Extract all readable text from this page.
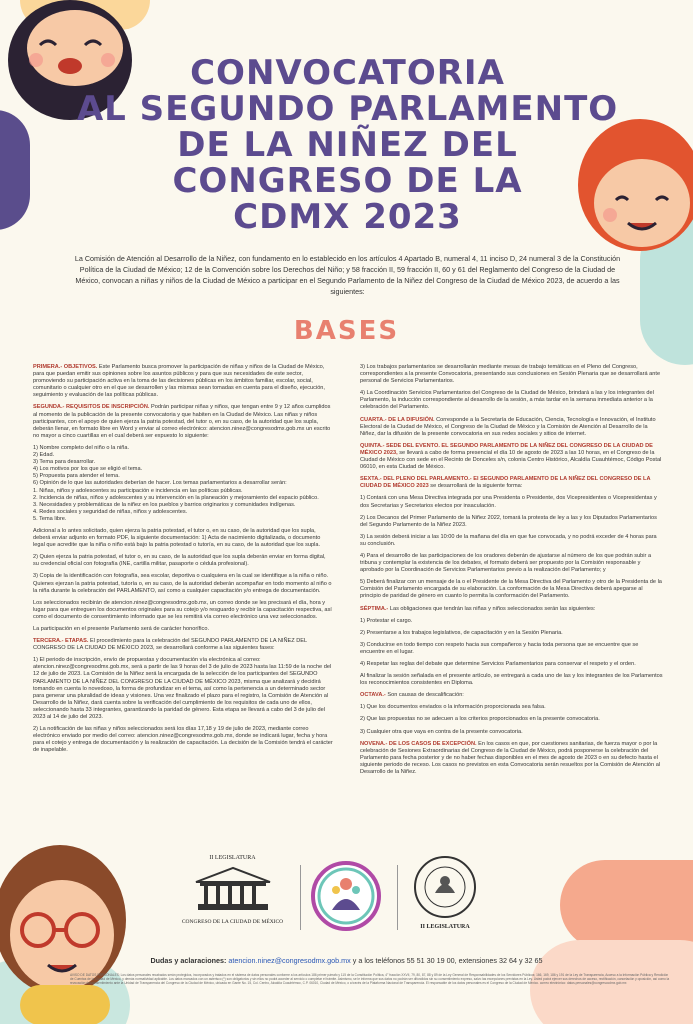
CONVOCATORIA
AL SEGUNDO PARLAMENTO
DE LA NIÑEZ DEL
CONGRESO DE LA
CDMX 2023
La Comisión de Atención al Desarrollo de la Niñez, con fundamento en lo establecido en los artículos 4 Apartado B, numeral 4, 11 inciso D, 24 numeral 3 de la Constitución Política de la Ciudad de México; 12 de la Convención sobre los Derechos del Niño; y 58 fracción II, 59 fracción II, 60 y 61 del Reglamento del Congreso de la Ciudad de México, convocan a niñas y niños de la Ciudad de México a participar en el Segundo Parlamento de la Niñez del Congreso de la Ciudad de México 2023, de acuerdo a las siguientes:
BASES

PRIMERA.- OBJETIVOS. Este Parlamento busca promover la participación de niñas y niños de la Ciudad de México, para que puedan emitir sus opiniones sobre los asuntos públicos y para que sus necesidades de este sector, promoviendo su participación activa en la toma de las decisiones públicas en los ámbitos familiar, escolar, social, comunitario o cualquier otro en el que se desarrollen y las mismas sean tomadas en cuenta para el diseño, ejecución, seguimiento y evaluación de las políticas públicas.

SEGUNDA.- REQUISITOS DE INSCRIPCIÓN. Podrán participar niñas y niños, que tengan entre 9 y 12 años cumplidos al momento de la publicación de la presente convocatoria y que habiten en la Ciudad de México. Las niñas y niños participantes, con el apoyo de quien ejerza la patria potestad, del tutor o, en su caso, de la autoridad que los supla, deberán llenar, en formato libre en Word y enviar al correo electrónico: atencion.ninez@congresodmx.gob.mx un escrito no mayor a cinco cuartillas en el cual deberá ser expuesto lo siguiente:

1) Nombre completo del niño o la niña.
2) Edad.
3) Tema para desarrollar.
4) Los motivos por los que se eligió el tema.
5) Propuesta para atender el tema.
6) Opinión de lo que las autoridades deberían de hacer. Los temas parlamentarios a desarrollar serán:
1. Niñas, niños y adolescentes su participación e incidencia en las políticas públicas.
2. Incidencia de niñas, niños y adolescentes y su intervención en la planeación y mejoramiento del espacio público.
3. Necesidades y problemáticas de la niñez en los pueblos y barrios originarios y comunidades indígenas.
4. Redes sociales y seguridad de niñas, niños y adolescentes.
5. Tema libre.

Adicional a lo antes solicitado, quien ejerza la patria potestad, el tutor o, en su caso, de la autoridad que los supla, deberá enviar adjunto en formato PDF, la siguiente documentación: 1) Acta de nacimiento digitalizada, o documento legal que acredite que la niña o niño está bajo la patria potestad o tutoría, en su caso, de la autoridad que los supla.

2) Quien ejerza la patria potestad, el tutor o, en su caso, de la autoridad que los supla deberán enviar en forma digital, su credencial oficial con fotografía (INE, cartilla militar, pasaporte o cédula profesional).

3) Copia de la identificación con fotografía, sea escolar, deportiva o cualquiera en la cual se identifique a la niña o niño. Quienes ejerzan la patria potestad, tutoría o, en su caso, de la autoridad deberán acompañar en todo momento al niño o la niña durante la celebración del PARLAMENTO, así como a cualquier capacitación y/o entrega de documentación.

Los seleccionados recibirán de atencion.ninez@congresodmx.gob.mx, un correo donde se les precisará el día, hora y lugar para que entreguen los documentos originales para su cotejo y/o resguardo y recibir la capacitación respectiva, así como el documento de consentimiento informado que se les remitirá vía correo electrónico una vez seleccionados.

La participación en el presente Parlamento será de carácter honorífico.

TERCERA.- ETAPAS. El procedimiento para la celebración del SEGUNDO PARLAMENTO DE LA NIÑEZ DEL CONGRESO DE LA CIUDAD DE MÉXICO 2023, se desarrollará conforme a las siguientes fases:

1) El periodo de inscripción, envío de propuestas y documentación vía electrónica al correo: atencion.ninez@congresodmx.gob.mx, será a partir de las 9 horas del 3 de julio de 2023 hasta las 11:59 de la noche del 12 de julio de 2023. La Comisión de la Niñez será la encargada de la selección de los participantes del SEGUNDO PARLAMENTO DE LA NIÑEZ DEL CONGRESO DE LA CIUDAD DE MÉXICO 2023, misma que analizará y decidirá tomando en cuenta lo novedoso, la forma de profundizar en el tema, así como la pertenencia a un determinado sector para generar una pluralidad de ideas y visiones. Una vez finalizado el plazo para el registro, la Comisión de Atención al Desarrollo de la Niñez, dará cuenta sobre la verificación del cumplimiento de los requisitos de cada uno de ellos, seleccionando hasta 33 integrantes, garantizando la paridad de género. Esta etapa se llevará a cabo del 3 de julio del 2023 al 14 de julio del 2023.

2) La notificación de las niñas y niños seleccionados será los días 17,18 y 19 de julio de 2023, mediante correo electrónico enviado por medio del correo: atencion.ninez@congresodmx.gob.mx, donde se indicará lugar, fecha y hora para el cotejo y entrega de documentación y la realización de capacitación. La decisión de la Comisión tendrá el carácter de inapelable.

3) Los trabajos parlamentarios se desarrollarán mediante mesas de trabajo temáticas en el Pleno del Congreso, correspondientes a la presente Convocatoria, presentando sus conclusiones en Sesión Plenaria que se desarrollará ante personal de Servicios Parlamentarios.

4) La Coordinación Servicios Parlamentarios del Congreso de la Ciudad de México, brindará a las y los integrantes del Parlamento, la inducción correspondiente al desarrollo de la sesión, a más tardar en la semana inmediata anterior a la celebración del Parlamento.

CUARTA.- DE LA DIFUSIÓN. Corresponde a la Secretaría de Educación, Ciencia, Tecnología e Innovación, el Instituto Electoral de la Ciudad de México, el Congreso de la Ciudad de México y la Comisión de Atención al Desarrollo de la Niñez, dar la difusión de la presente convocatoria en sus redes sociales y sitios de internet.

QUINTA.- SEDE DEL EVENTO. EL SEGUNDO PARLAMENTO DE LA NIÑEZ DEL CONGRESO DE LA CIUDAD DE MÉXICO 2023, se llevará a cabo de forma presencial el día 10 de agosto de 2023 a las 10 horas, en el Congreso de la Ciudad de México con sede en el Recinto de Donceles s/n, colonia Centro Histórico, Alcaldía Cuauhtémoc, Código Postal 06010, en esta Ciudad de México.

SEXTA.- DEL PLENO DEL PARLAMENTO.- El SEGUNDO PARLAMENTO DE LA NIÑEZ DEL CONGRESO DE LA CIUDAD DE MÉXICO 2023 se desarrollará de la siguiente forma:

1) Contará con una Mesa Directiva integrada por una Presidenta o Presidente, dos Vicepresidentes o Vicepresidentas y dos Secretarias y Secretarios electos por insaculación.

2) Los Decanos del Primer Parlamento de la Niñez 2022, tomará la protesta de ley a las y los Diputados Parlamentarios del Segundo Parlamento de la Niñez 2023.

3) La sesión deberá iniciar a las 10:00 de la mañana del día en que fue convocada, y no podrá exceder de 4 horas para su conclusión.

4) Para el desarrollo de las participaciones de los oradores deberán de ajustarse al número de los que podrán subir a tribuna y contemplar la existencia de los debates, el formato deberá ser propuesto por la Comisión responsable y aprobado por la Coordinación de Servicios Parlamentarios previo a la realización del Parlamento; y

5) Deberá finalizar con un mensaje de la o el Presidente de la Mesa Directiva del Parlamento y otro de la Presidenta de la Comisión del Parlamento encargada de su elaboración. La conformación de la Mesa Directiva deberá apegarse al principio de paridad de género en cuanto lo permita la conformación del Parlamento.

SÉPTIMA.- Las obligaciones que tendrán las niñas y niños seleccionados serán las siguientes:

1) Protestar el cargo.

2) Presentarse a los trabajos legislativos, de capacitación y en la Sesión Plenaria.

3) Conducirse en todo tiempo con respeto hacia sus compañeros y hacia toda persona que se encuentre que se encuentre en el lugar.

4) Respetar las reglas del debate que determine Servicios Parlamentarios para conservar el respeto y el orden.

Al finalizar la sesión señalada en el presente artículo, se entregará a cada uno de las y los integrantes de los Parlamentos los reconocimientos consistentes en Diploma.

OCTAVA.- Son causas de descalificación:

1) Que los documentos enviados o la información proporcionada sea falsa.

2) Que las propuestas no se adecuen a los criterios proporcionados en la presente convocatoria.

3) Cualquier otra que vaya en contra de la presente convocatoria.

NOVENA.- DE LOS CASOS DE EXCEPCIÓN. En los casos en que, por cuestiones sanitarias, de fuerza mayor o por la celebración de Sesiones Extraordinarias del Congreso de la Ciudad de México, podrá posponerse la celebración del Parlamento para fecha posterior y de no haber fechas disponibles en el mes de agosto de 2023 o en su defecto hasta el siguiente periodo de receso. Los casos no previstos en esta Convocatoria serán resueltos por la Comisión de Atención al Desarrollo de la Niñez.

II LEGISLATURA
CONGRESO DE LA CIUDAD DE MÉXICO
II LEGISLATURA
Dudas y aclaraciones: atencion.ninez@congresodmx.gob.mx y a los teléfonos 55 51 30 19 00, extensiones 32 64 y 32 65
AVISO DE DATOS PERSONALES: Los datos personales recabados serán protegidos, incorporados y tratados en el sistema de datos personales conforme a los artículos 186 primer párrafo y 115 de la Constitución Política, 4° fracción XXVII, 79, 80, 87, 88 y 89 de la Ley General de Responsabilidades de los Servidores Públicos; 166, 169, 186 y 191 de la Ley de Transparencia, Acceso a la Información Pública y Rendición de Cuentas de la Ciudad de México, y demás normatividad aplicable. Los datos marcados con un asterisco (*) son obligatorios y sin ellos no podrá acceder al servicio o completar el trámite. Asimismo, se le informa que sus datos no podrán ser difundidos sin su consentimiento expreso, salvo las excepciones previstas en la Ley. Usted podrá ejercer sus derechos de acceso, rectificación, cancelación y oposición, así como la revocación del consentimiento ante la Unidad de Transparencia del Congreso de la Ciudad de México, ubicada en Gante No. 15, Col. Centro, Alcaldía Cuauhtémoc, C.P. 06010, Ciudad de México, o a través de la Plataforma Nacional de Transparencia. El responsable de los datos personales es el Congreso de la Ciudad de México. correo electrónico: datos.personales@congresocdmx.gob.mx
